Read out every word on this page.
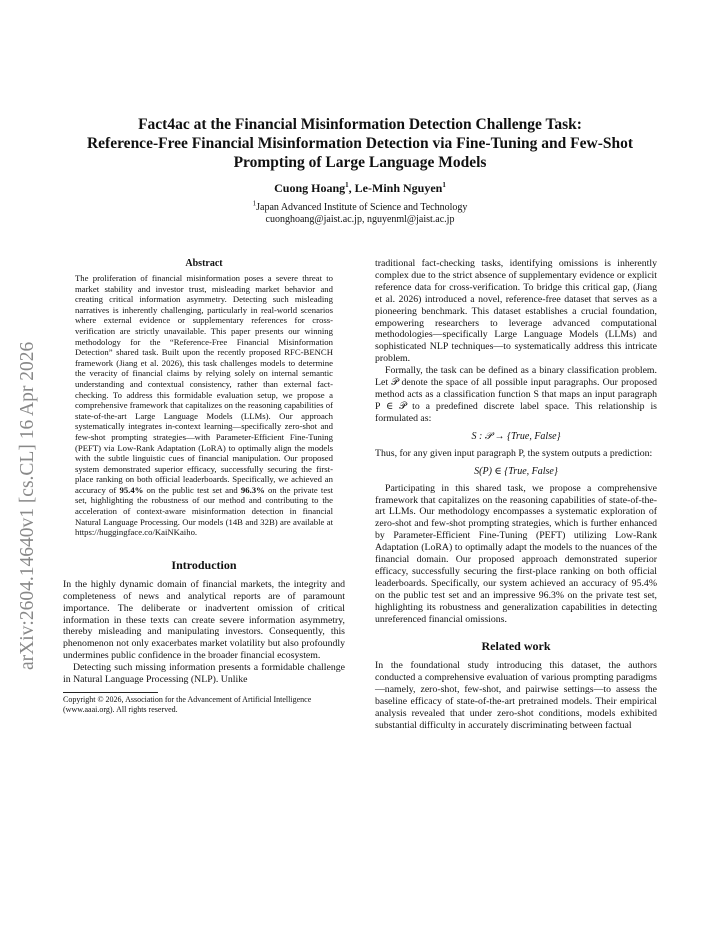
arXiv:2604.14640v1 [cs.CL] 16 Apr 2026
Fact4ac at the Financial Misinformation Detection Challenge Task:
Reference-Free Financial Misinformation Detection via Fine-Tuning and Few-Shot
Prompting of Large Language Models
Cuong Hoang$^1$, Le-Minh Nguyen$^1$
$^1$Japan Advanced Institute of Science and Technology
cuonghoang@jaist.ac.jp, nguyenml@jaist.ac.jp
Abstract
The proliferation of financial misinformation poses a severe threat to market stability and investor trust, misleading market behavior and creating critical information asymmetry. Detecting such misleading narratives is inherently challenging, particularly in real-world scenarios where external evidence or supplementary references for cross-verification are strictly unavailable. This paper presents our winning methodology for the “Reference-Free Financial Misinformation Detection” shared task. Built upon the recently proposed RFC-BENCH framework (Jiang et al. 2026), this task challenges models to determine the veracity of financial claims by relying solely on internal semantic understanding and contextual consistency, rather than external fact-checking. To address this formidable evaluation setup, we propose a comprehensive framework that capitalizes on the reasoning capabilities of state-of-the-art Large Language Models (LLMs). Our approach systematically integrates in-context learning—specifically zero-shot and few-shot prompting strategies—with Parameter-Efficient Fine-Tuning (PEFT) via Low-Rank Adaptation (LoRA) to optimally align the models with the subtle linguistic cues of financial manipulation. Our proposed system demonstrated superior efficacy, successfully securing the first-place ranking on both official leaderboards. Specifically, we achieved an accuracy of 95.4% on the public test set and 96.3% on the private test set, highlighting the robustness of our method and contributing to the acceleration of context-aware misinformation detection in financial Natural Language Processing. Our models (14B and 32B) are available at https://huggingface.co/KaiNKaiho.
Introduction

In the highly dynamic domain of financial markets, the integrity and completeness of news and analytical reports are of paramount importance. The deliberate or inadvertent omission of critical information in these texts can create severe information asymmetry, thereby misleading and manipulating investors. Consequently, this phenomenon not only exacerbates market volatility but also profoundly undermines public confidence in the broader financial ecosystem.

Detecting such missing information presents a formidable challenge in Natural Language Processing (NLP). Unlike

Copyright © 2026, Association for the Advancement of Artificial Intelligence (www.aaai.org). All rights reserved.

traditional fact-checking tasks, identifying omissions is inherently complex due to the strict absence of supplementary evidence or explicit reference data for cross-verification. To bridge this critical gap, (Jiang et al. 2026) introduced a novel, reference-free dataset that serves as a pioneering benchmark. This dataset establishes a crucial foundation, empowering researchers to leverage advanced computational methodologies—specifically Large Language Models (LLMs) and sophisticated NLP techniques—to systematically address this intricate problem.

Formally, the task can be defined as a binary classification problem. Let 𝒫 denote the space of all possible input paragraphs. Our proposed method acts as a classification function S that maps an input paragraph P ∈ 𝒫 to a predefined discrete label space. This relationship is formulated as:

S : 𝒫 → {True, False}

Thus, for any given input paragraph P, the system outputs a prediction:

S(P) ∈ {True, False}

Participating in this shared task, we propose a comprehensive framework that capitalizes on the reasoning capabilities of state-of-the-art LLMs. Our methodology encompasses a systematic exploration of zero-shot and few-shot prompting strategies, which is further enhanced by Parameter-Efficient Fine-Tuning (PEFT) utilizing Low-Rank Adaptation (LoRA) to optimally adapt the models to the nuances of the financial domain. Our proposed approach demonstrated superior efficacy, successfully securing the first-place ranking on both official leaderboards. Specifically, our system achieved an accuracy of 95.4% on the public test set and an impressive 96.3% on the private test set, highlighting its robustness and generalization capabilities in detecting unreferenced financial omissions.

Related work

In the foundational study introducing this dataset, the authors conducted a comprehensive evaluation of various prompting paradigms—namely, zero-shot, few-shot, and pairwise settings—to assess the baseline efficacy of state-of-the-art pretrained models. Their empirical analysis revealed that under zero-shot conditions, models exhibited substantial difficulty in accurately discriminating between factual
